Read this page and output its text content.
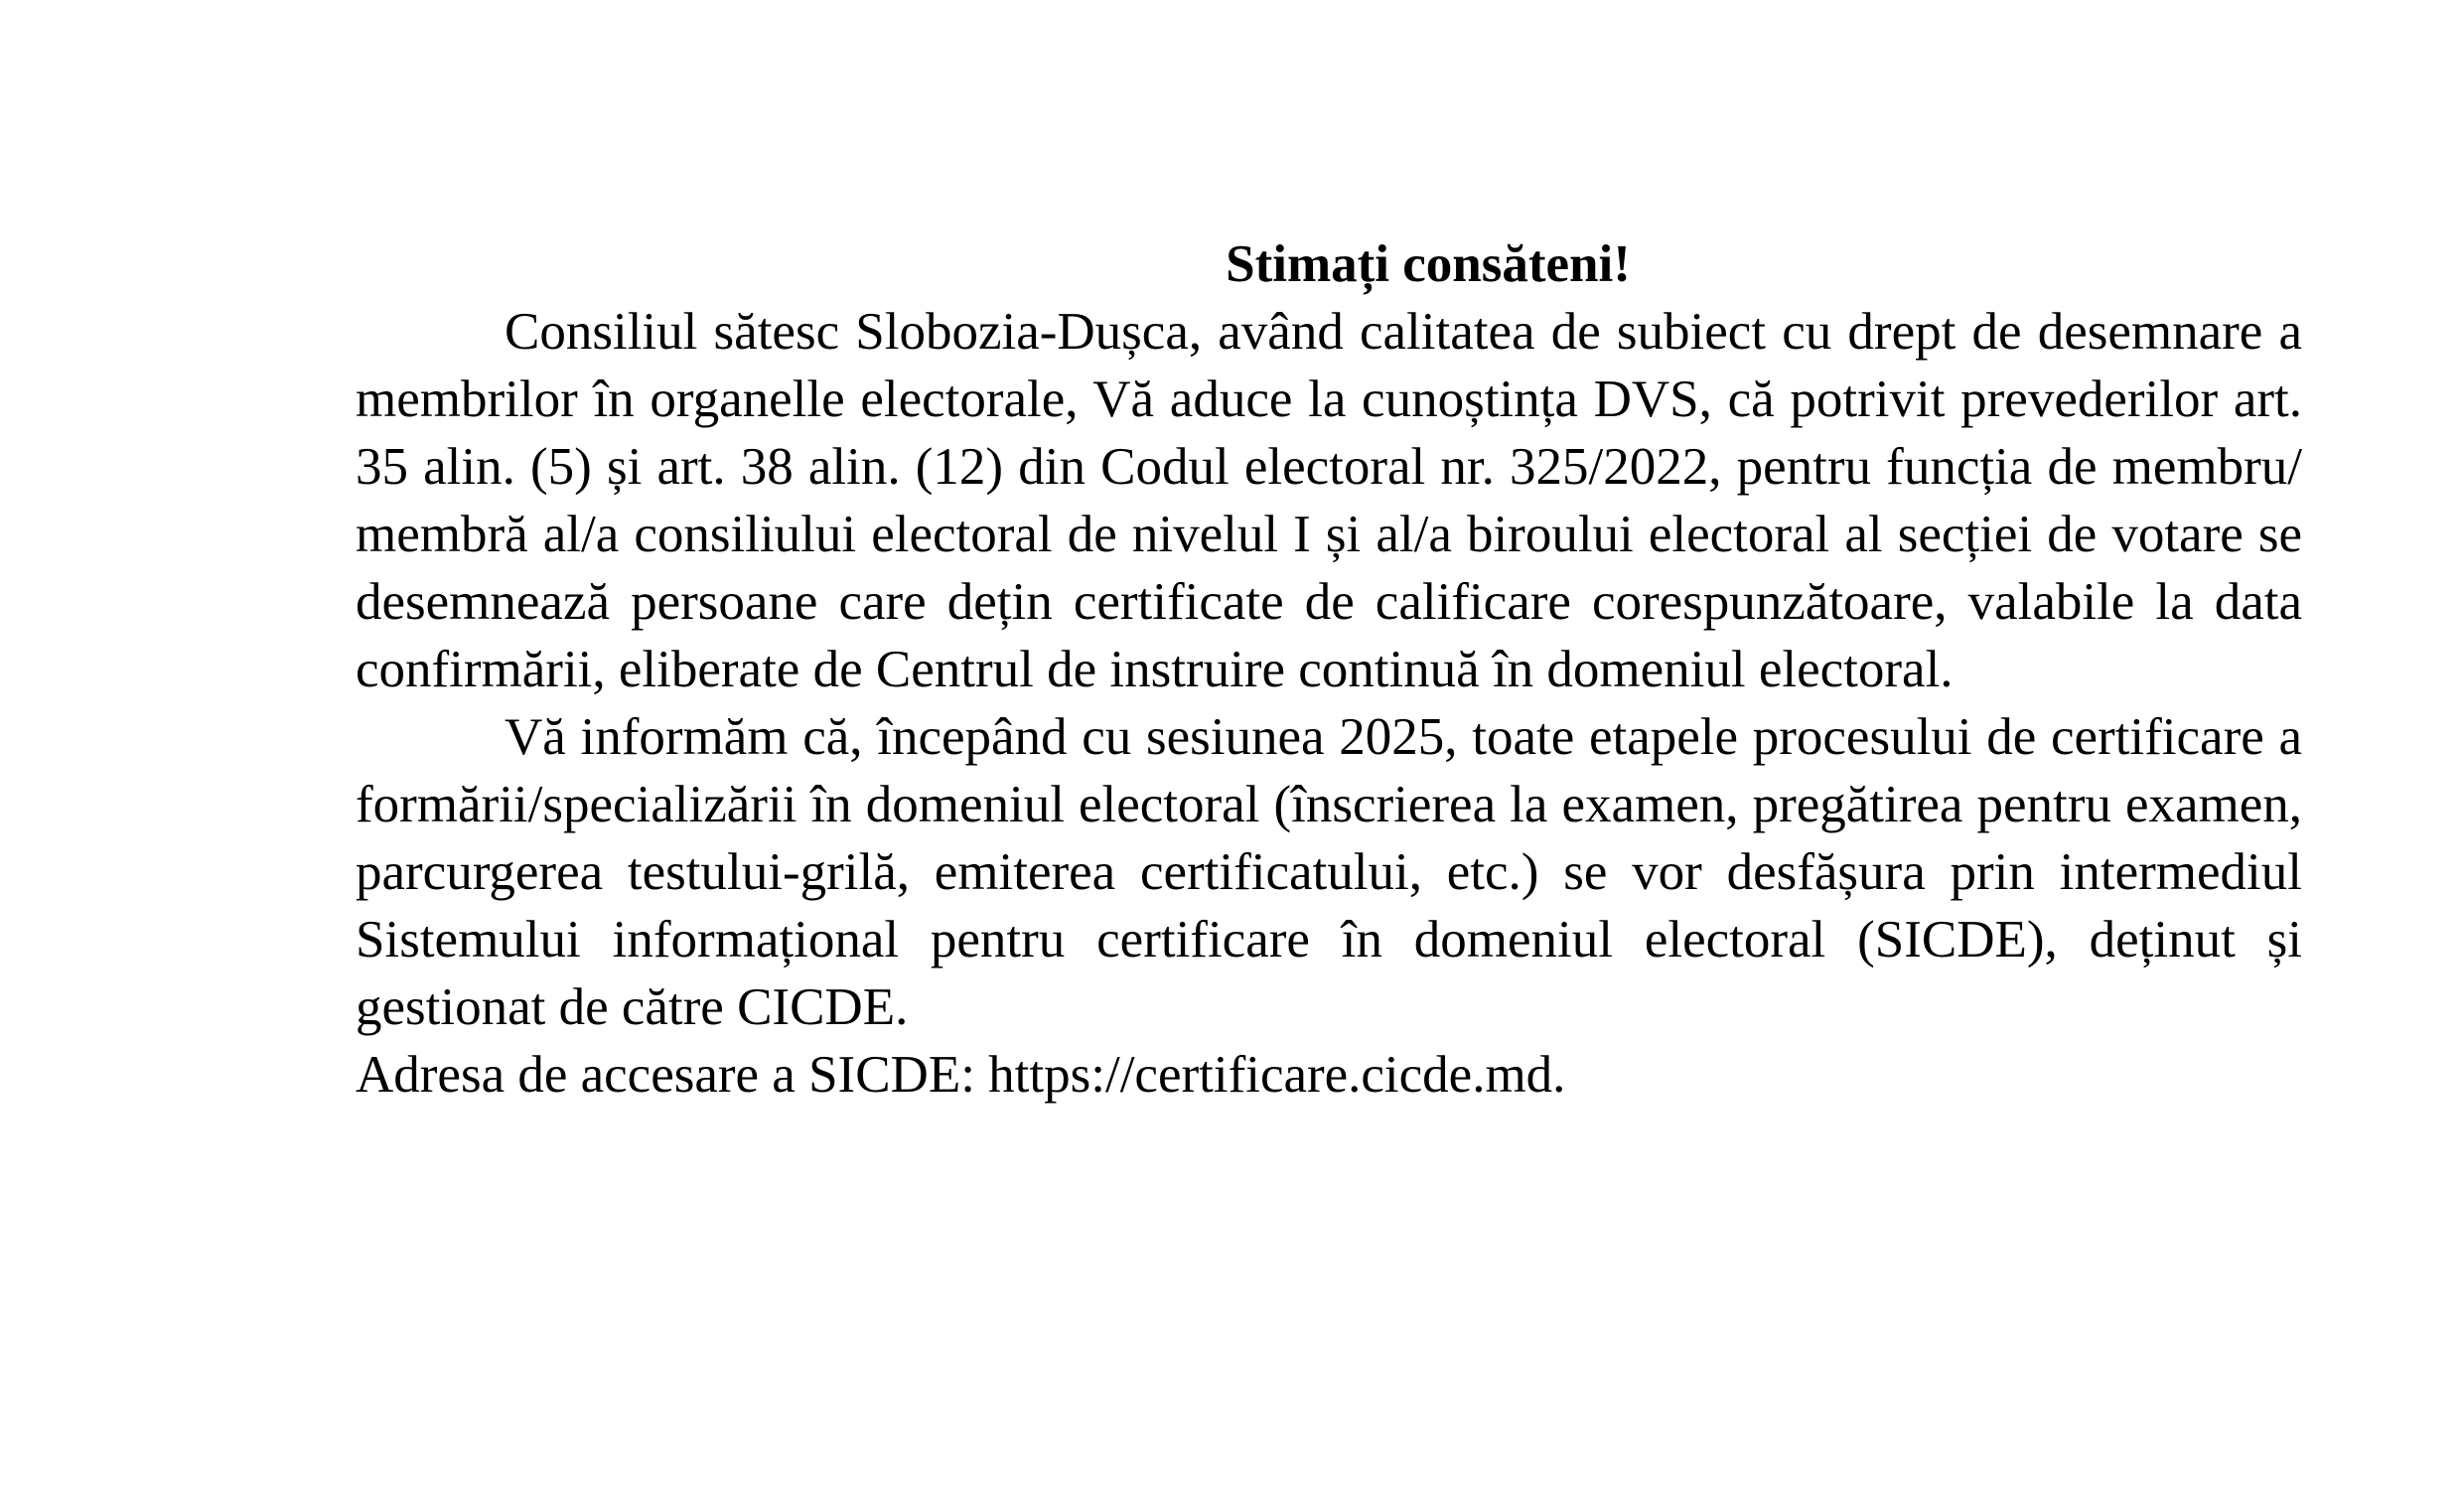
Stimați consăteni!

Consiliul sătesc Slobozia-Dușca, având calitatea de subiect cu drept de desemnare a membrilor în organelle electorale, Vă aduce la cunoștința DVS, că potrivit prevederilor art. 35 alin. (5) și art. 38 alin. (12) din Codul electoral nr. 325/2022, pentru funcția de membru/ membră al/a consiliului electoral de nivelul I și al/a biroului electoral al secției de votare se desemnează persoane care dețin certificate de calificare corespunzătoare, valabile la data confirmării, eliberate de Centrul de instruire continuă în domeniul electoral.

Vă informăm că, începând cu sesiunea 2025, toate etapele procesului de certificare a formării/specializării în domeniul electoral (înscrierea la examen, pregătirea pentru examen, parcurgerea testului-grilă, emiterea certificatului, etc.) se vor desfășura prin intermediul Sistemului informațional pentru certificare în domeniul electoral (SICDE), deținut și gestionat de către CICDE.

Adresa de accesare a SICDE: https://certificare.cicde.md.
